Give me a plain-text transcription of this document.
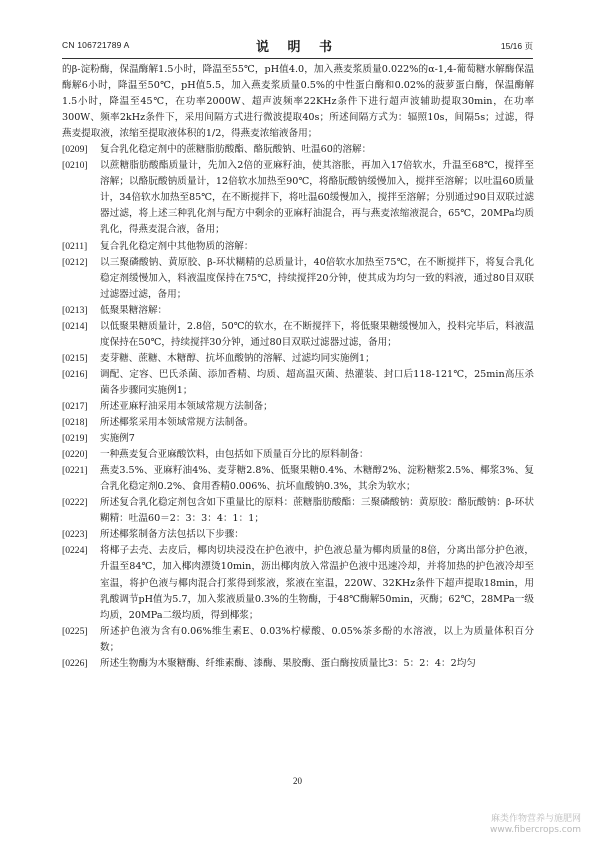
CN 106721789 A	说 明 书	15/16 页
的β-淀粉酶，保温酶解1.5小时，降温至55℃，pH值4.0，加入燕麦浆质量0.022%的α-1,4-葡萄糖水解酶保温酶解6小时，降温至50℃，pH值5.5，加入燕麦浆质量0.5%的中性蛋白酶和0.02%的菠萝蛋白酶，保温酶解1.5小时，降温至45℃，在功率2000W、超声波频率22KHz条件下进行超声波辅助提取30min，在功率300W、频率2kHz条件下，采用间隔方式进行微波提取40s；所述间隔方式为：辐照10s，间隔5s；过滤，得燕麦提取液，浓缩至提取液体积的1/2，得燕麦浓缩液备用；
[0209]	复合乳化稳定剂中的蔗糖脂肪酸酯、酪朊酸钠、吐温60的溶解：
[0210]	以蔗糖脂肪酸酯质量计，先加入2倍的亚麻籽油，使其溶胀，再加入17倍软水，升温至68℃，搅拌至溶解；以酪朊酸钠质量计，12倍软水加热至90℃，将酪朊酸钠缓慢加入，搅拌至溶解；以吐温60质量计，34倍软水加热至85℃，在不断搅拌下，将吐温60缓慢加入，搅拌至溶解；分别通过90目双联过滤器过滤，将上述三种乳化剂与配方中剩余的亚麻籽油混合，再与燕麦浓缩液混合，65℃，20MPa均质乳化，得燕麦混合液，备用；
[0211]	复合乳化稳定剂中其他物质的溶解：
[0212]	以三聚磷酸钠、黄原胶、β-环状糊精的总质量计，40倍软水加热至75℃，在不断搅拌下，将复合乳化稳定剂缓慢加入，料液温度保持在75℃，持续搅拌20分钟，使其成为均匀一致的料液，通过80目双联过滤器过滤，备用；
[0213]	低聚果糖溶解：
[0214]	以低聚果糖质量计，2.8倍，50℃的软水，在不断搅拌下，将低聚果糖缓慢加入，投料完毕后，料液温度保持在50℃，持续搅拌30分钟，通过80目双联过滤器过滤，备用；
[0215]	麦芽糖、蔗糖、木糖醇、抗坏血酸钠的溶解、过滤均同实施例1；
[0216]	调配、定容、巴氏杀菌、添加香精、均质、超高温灭菌、热灌装、封口后118-121℃，25min高压杀菌各步骤同实施例1；
[0217]	所述亚麻籽油采用本领域常规方法制备；
[0218]	所述椰浆采用本领域常规方法制备。
[0219]	实施例7
[0220]	一种燕麦复合亚麻酸饮料，由包括如下质量百分比的原料制备：
[0221]	燕麦3.5%、亚麻籽油4%、麦芽糖2.8%、低聚果糖0.4%、木糖醇2%、淀粉糖浆2.5%、椰浆3%、复合乳化稳定剂0.2%、食用香精0.006%、抗坏血酸钠0.3%，其余为软水；
[0222]	所述复合乳化稳定剂包含如下重量比的原料：蔗糖脂肪酸酯：三聚磷酸钠：黄原胶：酪朊酸钠：β-环状糊精：吐温60＝2：3：3：4：1：1；
[0223]	所述椰浆制备方法包括以下步骤：
[0224]	将椰子去壳、去皮后，椰肉切块浸没在护色液中，护色液总量为椰肉质量的8倍，分离出部分护色液，升温至84℃，加入椰肉漂烫10min，沥出椰肉放入常温护色液中迅速冷却，并将加热的护色液冷却至室温，将护色液与椰肉混合打浆得到浆液，浆液在室温，220W、32KHz条件下超声提取18min，用乳酸调节pH值为5.7，加入浆液质量0.3%的生物酶，于48℃酶解50min，灭酶；62℃，28MPa一级均质，20MPa二级均质，得到椰浆；
[0225]	所述护色液为含有0.06%维生素E、0.03%柠檬酸、0.05%茶多酚的水溶液，以上为质量体积百分数；
[0226]	所述生物酶为木聚糖酶、纤维素酶、漆酶、果胶酶、蛋白酶按质量比3：5：2：4：2均匀
20
麻类作物营养与施肥网
www.fibercrops.com
